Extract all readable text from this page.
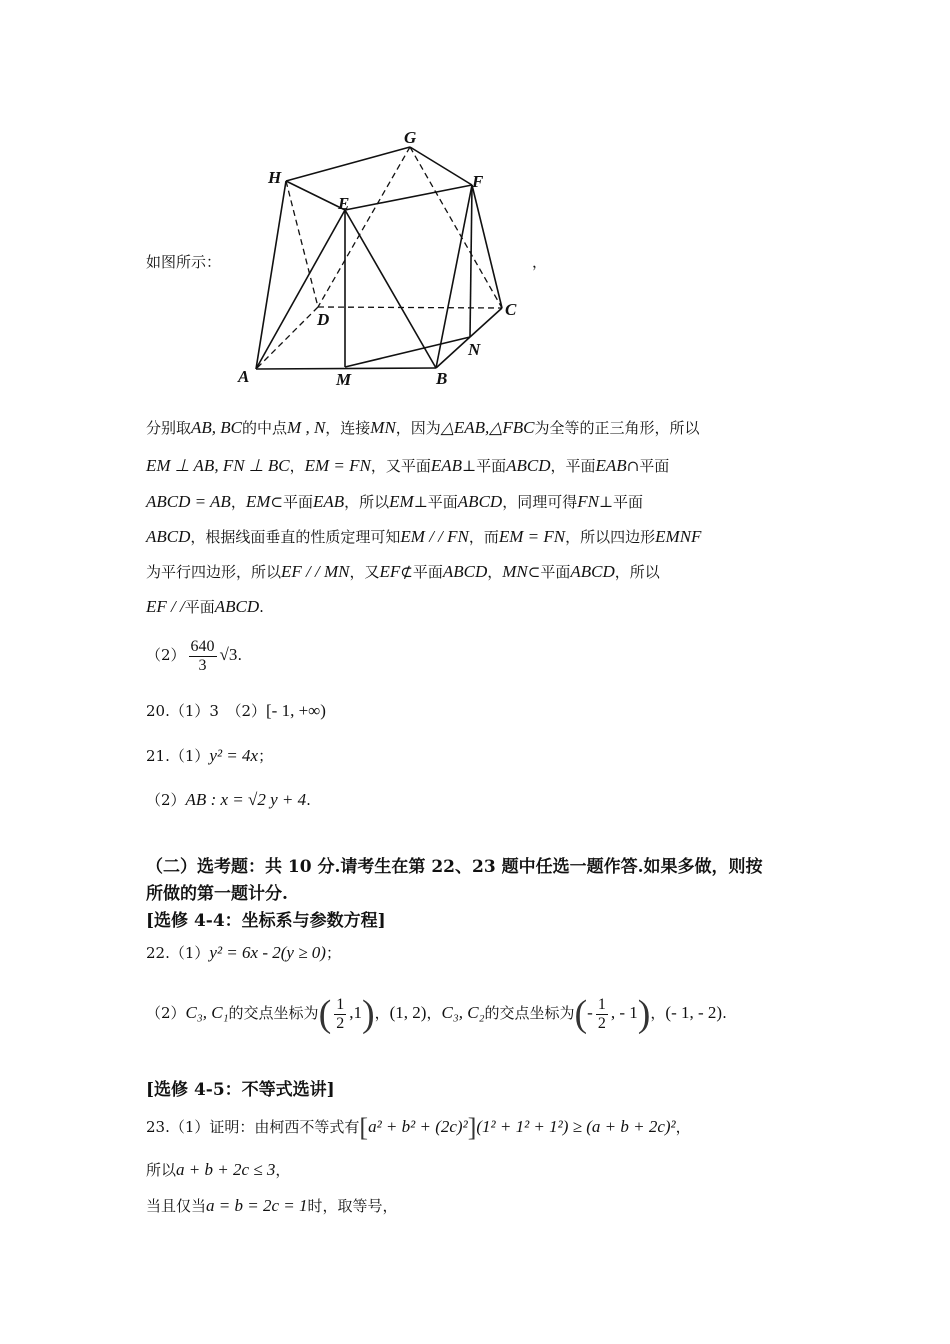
如图所示：
G
H
E
F
D
C
N
A	M	B
，
分别取AB, BC的中点M , N，连接MN，因为△EAB,△FBC为全等的正三角形，所以
EM ⊥ AB, FN ⊥ BC，EM = FN，又平面EAB⊥平面ABCD，平面EAB∩平面
ABCD = AB，EM⊂平面EAB，所以EM⊥平面ABCD，同理可得FN⊥平面
ABCD，根据线面垂直的性质定理可知EM / / FN，而EM = FN，所以四边形EMNF
为平行四边形，所以EF / / MN，又EF⊄平面ABCD，MN⊂平面ABCD，所以
EF / /平面ABCD.
$(2) \frac{640}{3} √3$.
20.（1）3　（2）[- 1, +∞)
21.（1）y² = 4x；
（2）AB : x = √2 y + 4.
（二）选考题：共 10 分.请考生在第 22、23 题中任选一题作答.如果多做，则按
所做的第一题计分.
[选修 4-4：坐标系与参数方程]
22.（1）y² = 6x - 2(y ≥ 0)；
（2）C₃, C₁的交点坐标为( $\frac{1}{2} ,1$)，(1, 2)，C₃, C₂的交点坐标为(- $\frac{1}{2}$ , - 1)，(- 1, - 2).
[选修 4-5：不等式选讲]
23.（1）证明：由柯西不等式有[a² + b² + (2c)²](1² + 1² + 1²) ≥ (a + b + 2c)²，
所以a + b + 2c ≤ 3，
当且仅当a = b = 2c = 1时，取等号，
